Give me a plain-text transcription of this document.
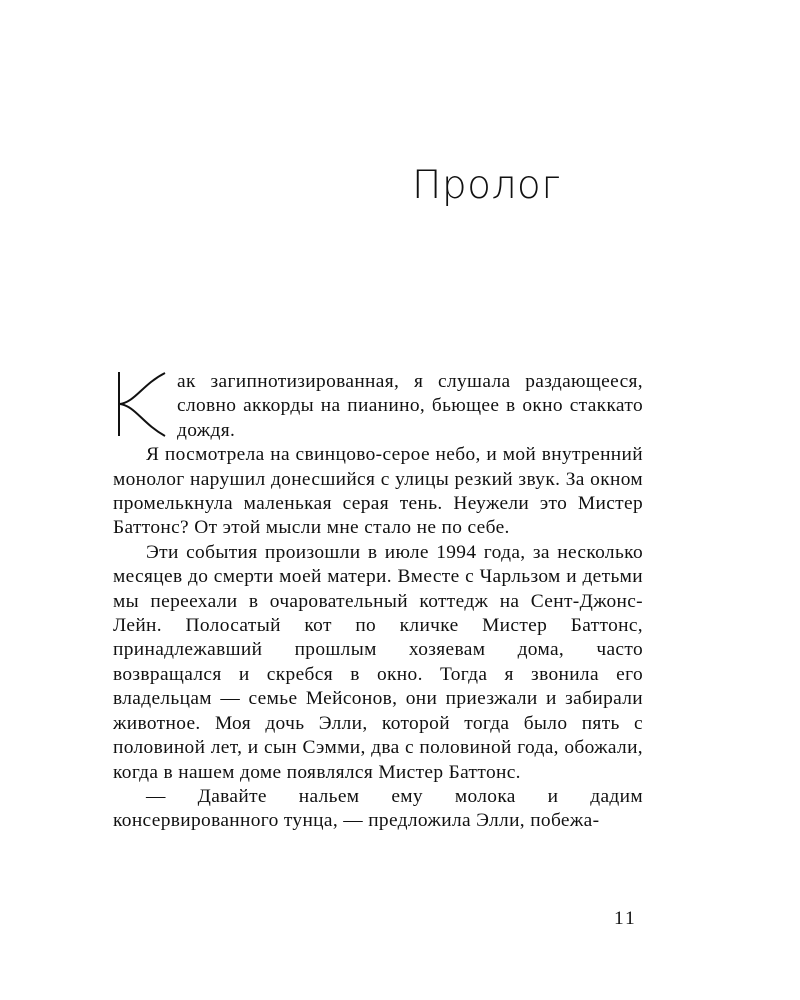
Пролог

ак загипнотизированная, я слушала раздающееся, словно аккорды на пианино, бьющее в окно стаккато дождя.

Я посмотрела на свинцово-серое небо, и мой внутренний монолог нарушил донесшийся с улицы резкий звук. За окном промелькнула маленькая серая тень. Неужели это Мистер Баттонс? От этой мысли мне стало не по себе.

Эти события произошли в июле 1994 года, за несколько месяцев до смерти моей матери. Вместе с Чарльзом и детьми мы переехали в очаровательный коттедж на Сент-Джонс-Лейн. Полосатый кот по кличке Мистер Баттонс, принадлежавший прошлым хозяевам дома, часто возвращался и скребся в окно. Тогда я звонила его владельцам — семье Мейсонов, они приезжали и забирали животное. Моя дочь Элли, которой тогда было пять с половиной лет, и сын Сэмми, два с половиной года, обожали, когда в нашем доме появлялся Мистер Баттонс.

— Давайте нальем ему молока и дадим консервированного тунца, — предложила Элли, побежа-

11
